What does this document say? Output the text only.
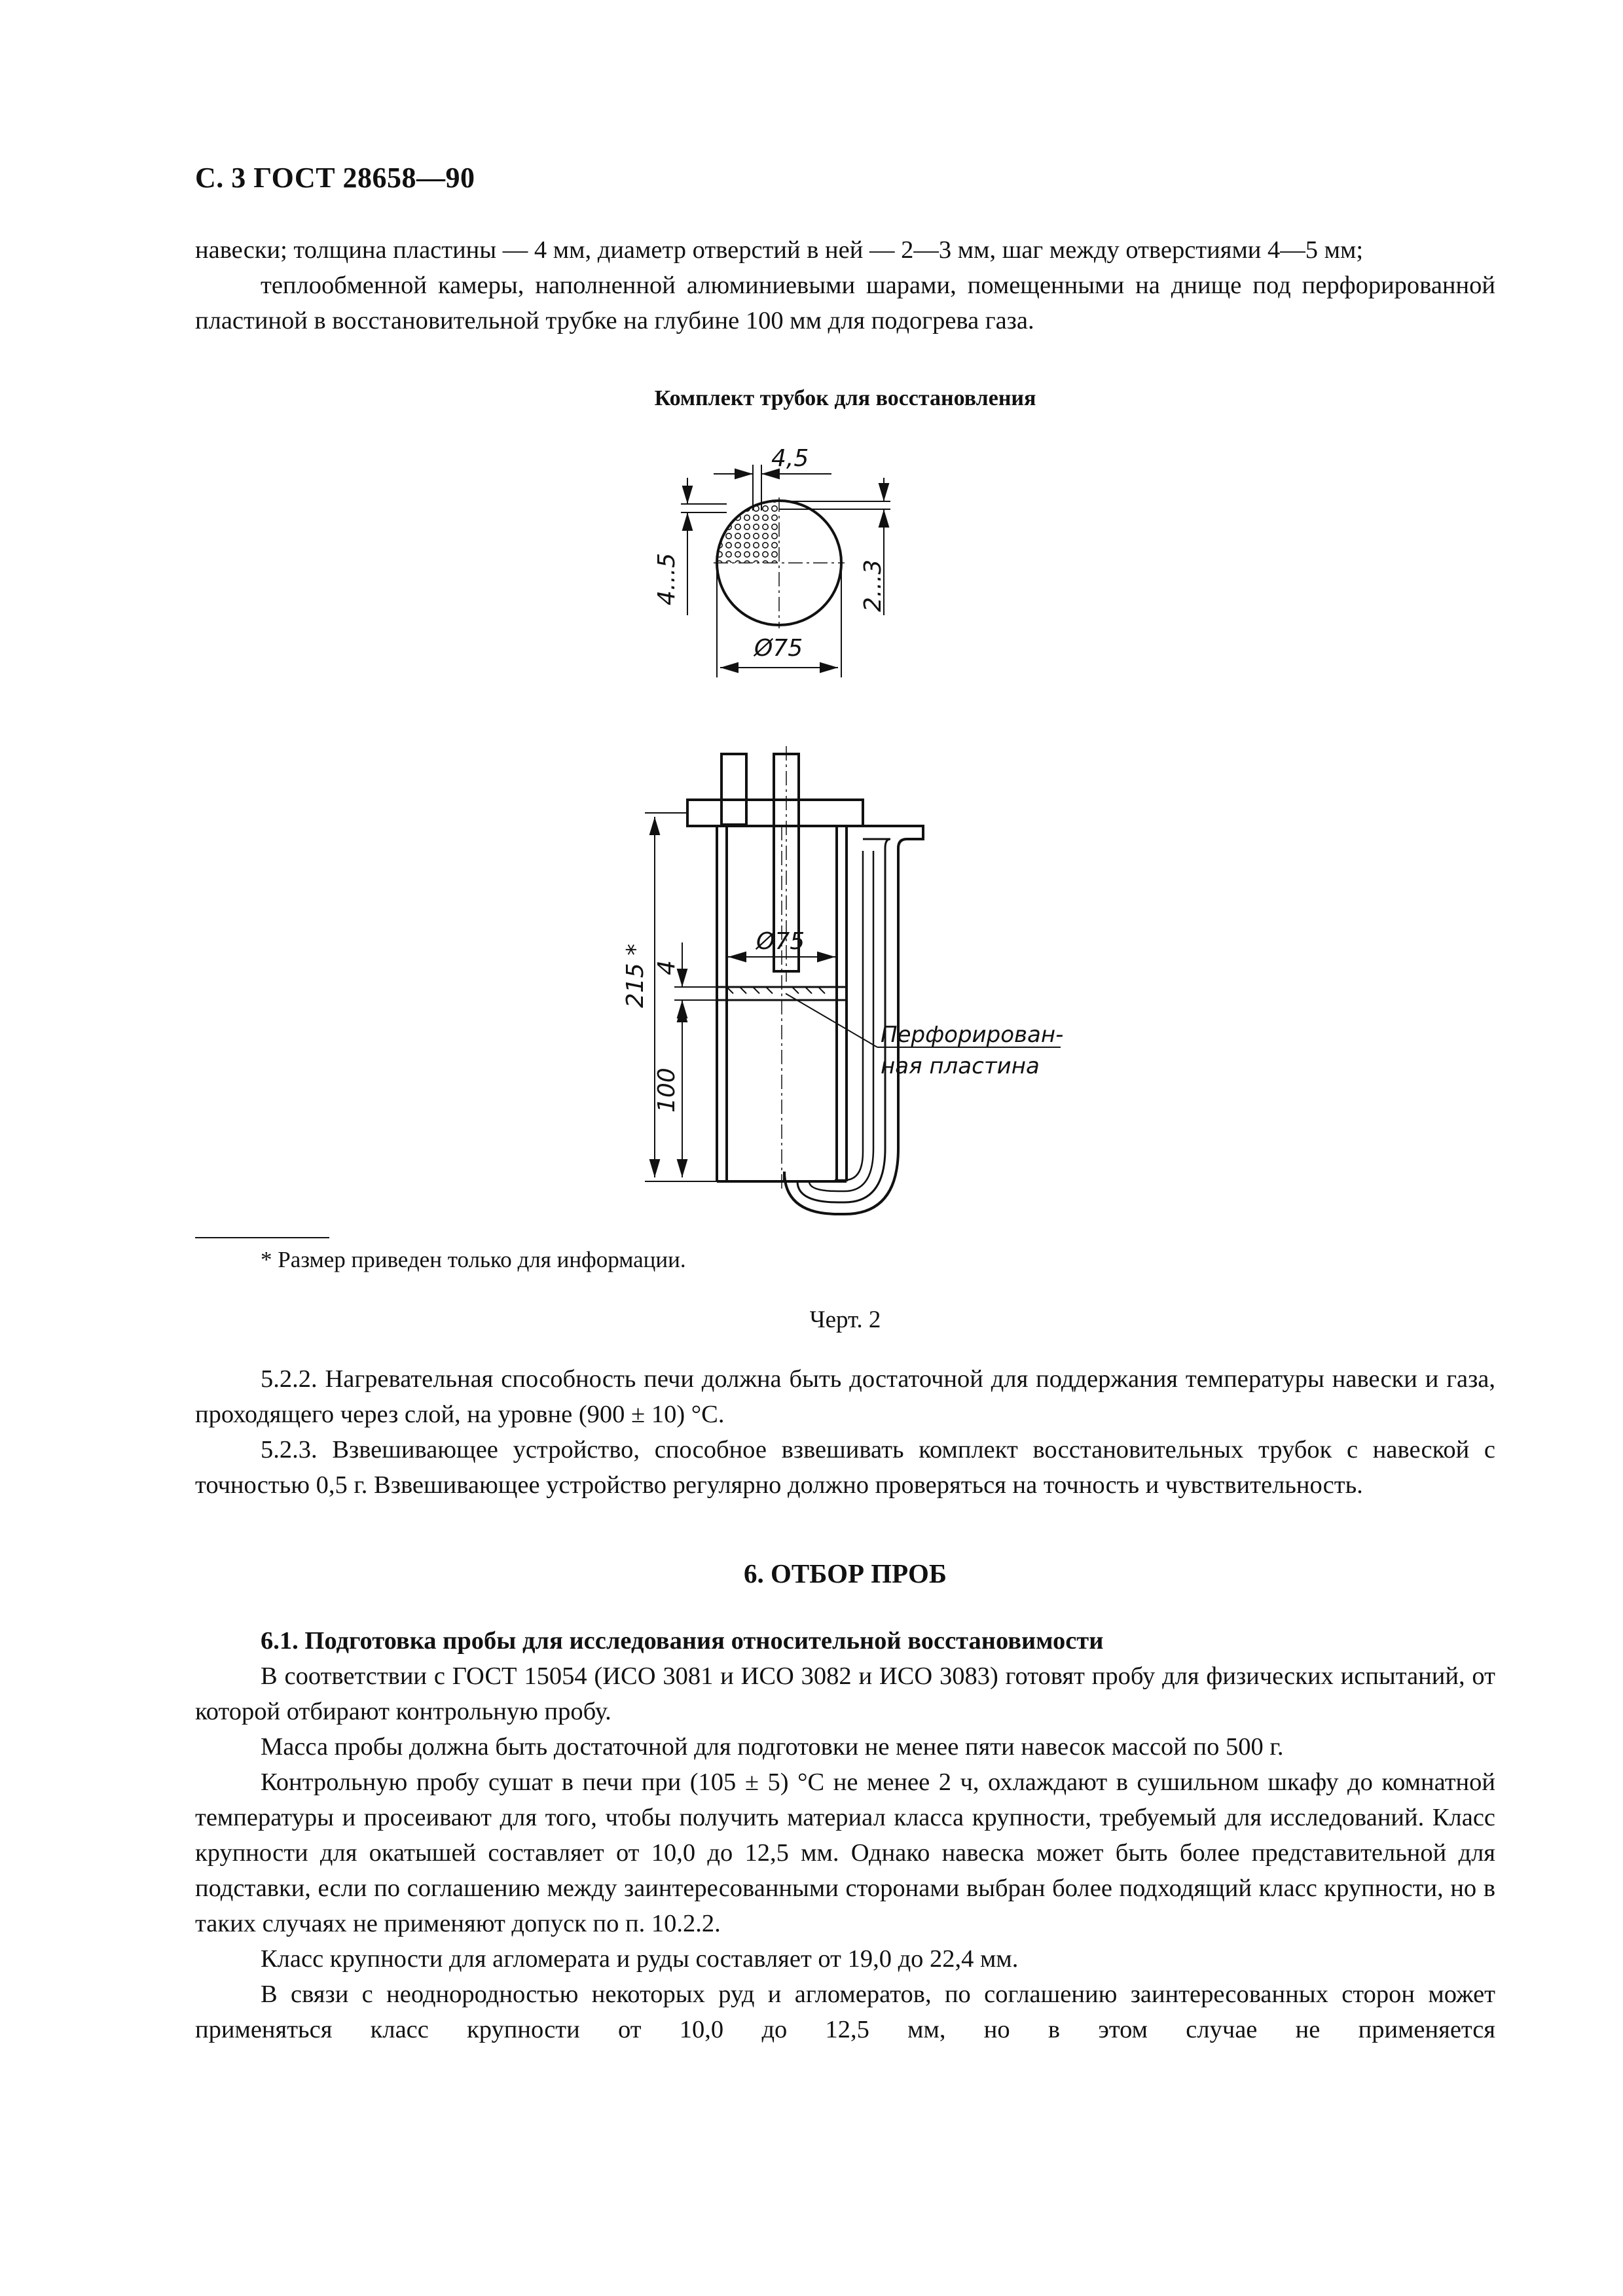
С. 3 ГОСТ 28658—90

навески; толщина пластины — 4 мм, диаметр отверстий в ней — 2—3 мм, шаг между отверстиями 4—5 мм;

теплообменной камеры, наполненной алюминиевыми шарами, помещенными на днище под перфорированной пластиной в восстановительной трубке на глубине 100 мм для подогрева газа.

Комплект трубок для восстановления
4,5
4...5	2...3
Ø75
215 * 4
100
Ø75
Перфорирован-
ная пластина
* Размер приведен только для информации.
Черт. 2

5.2.2. Нагревательная способность печи должна быть достаточной для поддержания температуры навески и газа, проходящего через слой, на уровне (900 ± 10) °С.

5.2.3. Взвешивающее устройство, способное взвешивать комплект восстановительных трубок с навеской с точностью 0,5 г. Взвешивающее устройство регулярно должно проверяться на точность и чувствительность.

6. ОТБОР ПРОБ

6.1. Подготовка пробы для исследования относительной восстановимости

В соответствии с ГОСТ 15054 (ИСО 3081 и ИСО 3082 и ИСО 3083) готовят пробу для физических испытаний, от которой отбирают контрольную пробу.

Масса пробы должна быть достаточной для подготовки не менее пяти навесок массой по 500 г.

Контрольную пробу сушат в печи при (105 ± 5) °С не менее 2 ч, охлаждают в сушильном шкафу до комнатной температуры и просеивают для того, чтобы получить материал класса крупности, требуемый для исследований. Класс крупности для окатышей составляет от 10,0 до 12,5 мм. Однако навеска может быть более представительной для подставки, если по соглашению между заинтересованными сторонами выбран более подходящий класс крупности, но в таких случаях не применяют допуск по п. 10.2.2.

Класс крупности для агломерата и руды составляет от 19,0 до 22,4 мм.

В связи с неоднородностью некоторых руд и агломератов, по соглашению заинтересованных сторон может применяться класс крупности от 10,0 до 12,5 мм, но в этом случае не применяется
